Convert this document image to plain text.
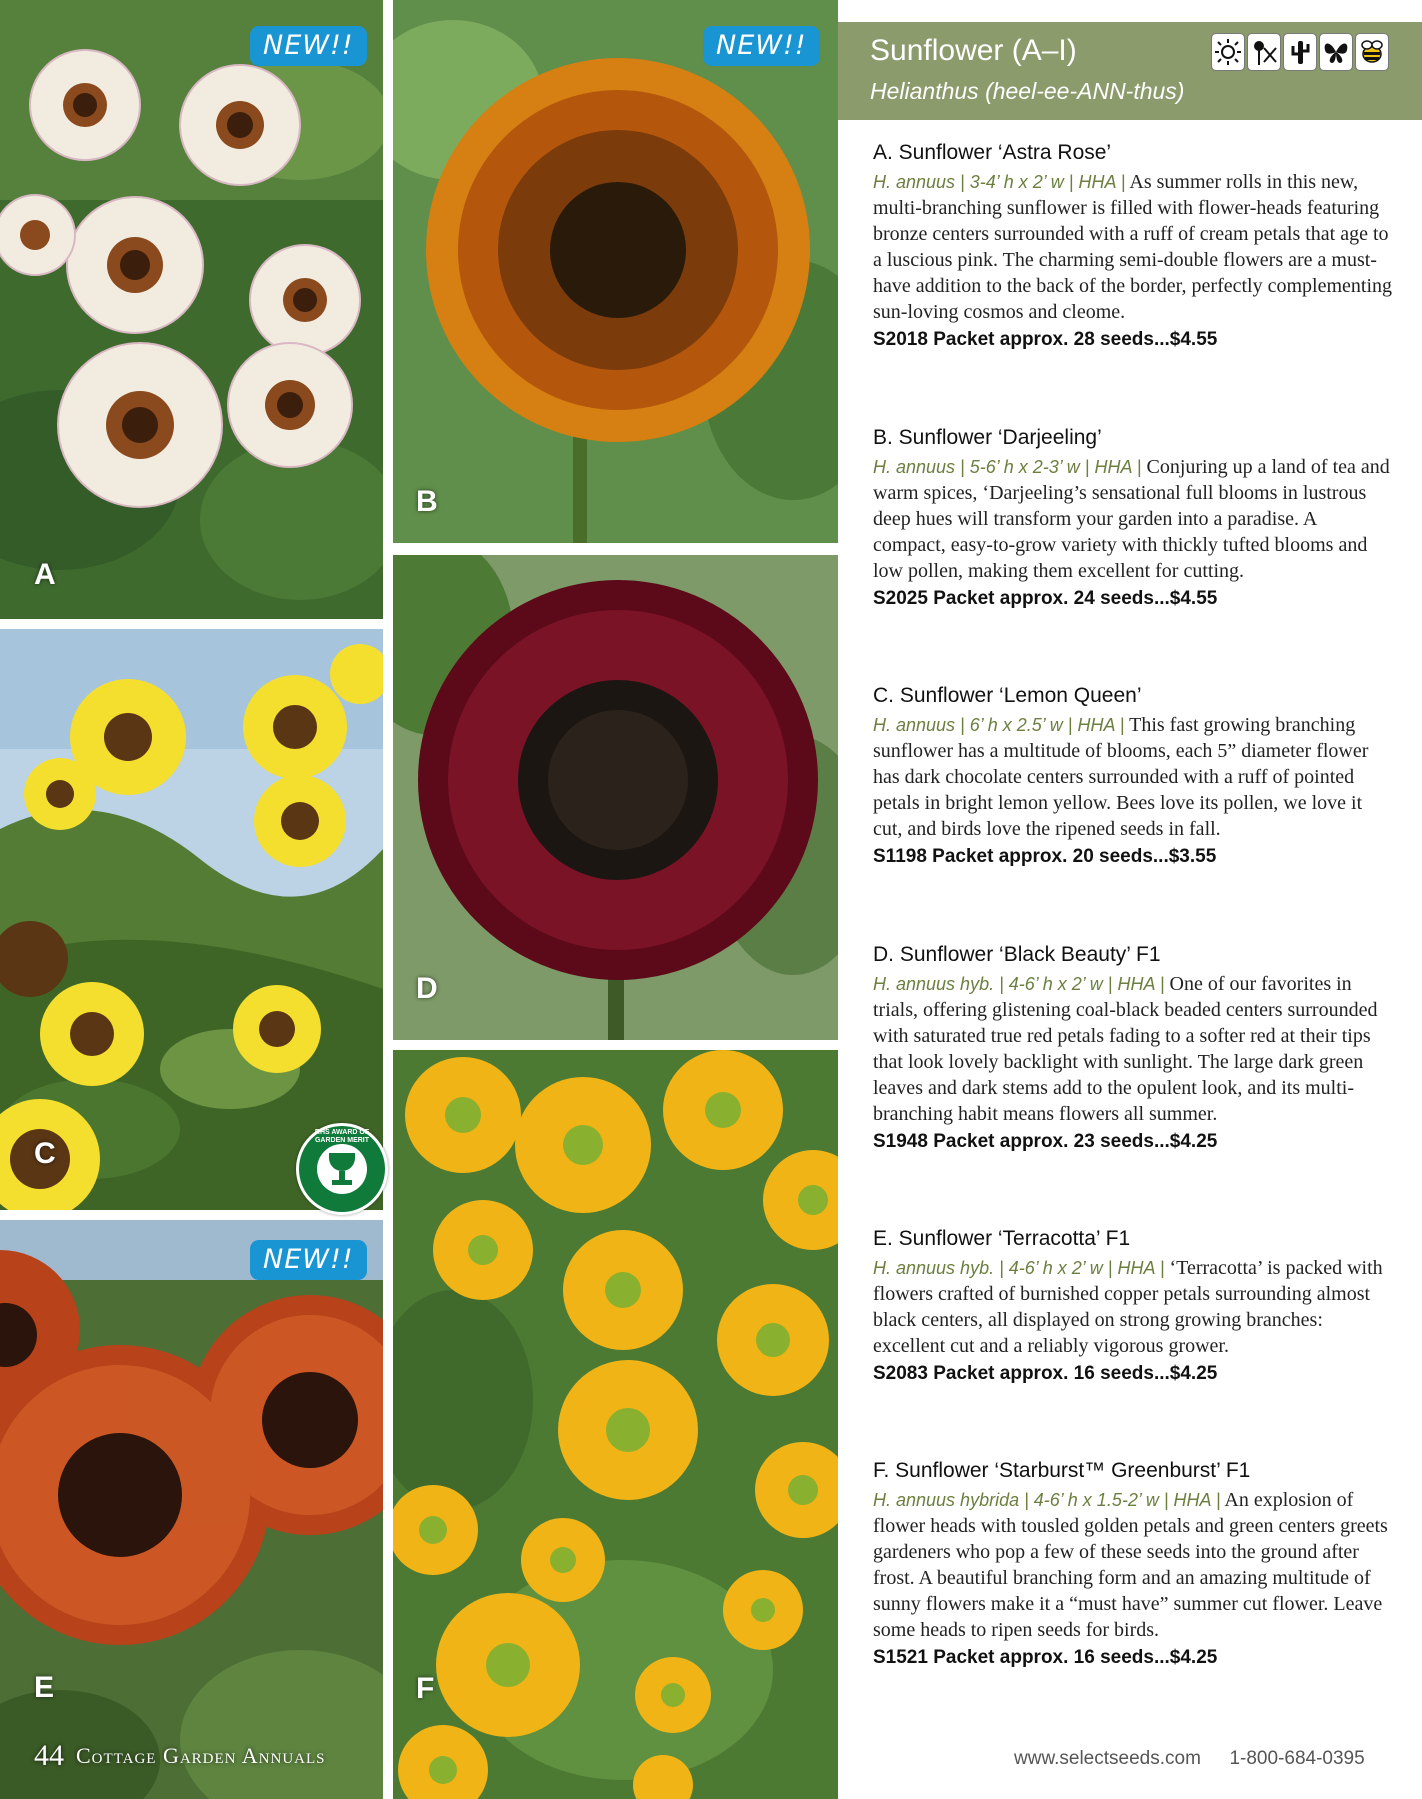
NEW!!
A
C
RHS AWARD OF GARDEN MERIT
NEW!!
E
NEW!!
B
D
F
Sunflower (A–I)
Helianthus (heel-ee-ANN-thus)
A. Sunflower ‘Astra Rose’

H. annuus | 3-4’ h x 2’ w | HHA | As summer rolls in this new, multi-branching sunflower is filled with flower-heads featuring bronze centers surrounded with a ruff of cream petals that age to a luscious pink. The charming semi-double flowers are a must-have addition to the back of the border, perfectly complementing sun-loving cosmos and cleome.

S2018 Packet approx. 28 seeds...$4.55
B. Sunflower ‘Darjeeling’

H. annuus | 5-6’ h x 2-3’ w | HHA | Conjuring up a land of tea and warm spices, ‘Darjeeling’s sensational full blooms in lustrous deep hues will transform your garden into a paradise. A compact, easy-to-grow variety with thickly tufted blooms and low pollen, making them excellent for cutting.

S2025 Packet approx. 24 seeds...$4.55
C. Sunflower ‘Lemon Queen’

H. annuus | 6’ h x 2.5’ w | HHA | This fast growing branching sunflower has a multitude of blooms, each 5” diameter flower has dark chocolate centers surrounded with a ruff of pointed petals in bright lemon yellow. Bees love its pollen, we love it cut, and birds love the ripened seeds in fall.

S1198 Packet approx. 20 seeds...$3.55
D. Sunflower ‘Black Beauty’ F1

H. annuus hyb. | 4-6’ h x 2’ w | HHA | One of our favorites in trials, offering glistening coal-black beaded centers surrounded with saturated true red petals fading to a softer red at their tips that look lovely backlight with sunlight. The large dark green leaves and dark stems add to the opulent look, and its multi-branching habit means flowers all summer.

S1948 Packet approx. 23 seeds...$4.25
E. Sunflower ‘Terracotta’ F1

H. annuus hyb. | 4-6’ h x 2’ w | HHA | ‘Terracotta’ is packed with flowers crafted of burnished copper petals surrounding almost black centers, all displayed on strong growing branches: excellent cut and a reliably vigorous grower.

S2083 Packet approx. 16 seeds...$4.25
F. Sunflower ‘Starburst™ Greenburst’ F1

H. annuus hybrida | 4-6’ h x 1.5-2’ w | HHA | An explosion of flower heads with tousled golden petals and green centers greets gardeners who pop a few of these seeds into the ground after frost. A beautiful branching form and an amazing multitude of sunny flowers make it a “must have” summer cut flower. Leave some heads to ripen seeds for birds.

S1521 Packet approx. 16 seeds...$4.25
44 Cottage Garden Annuals	www.selectseeds.com 1-800-684-0395
